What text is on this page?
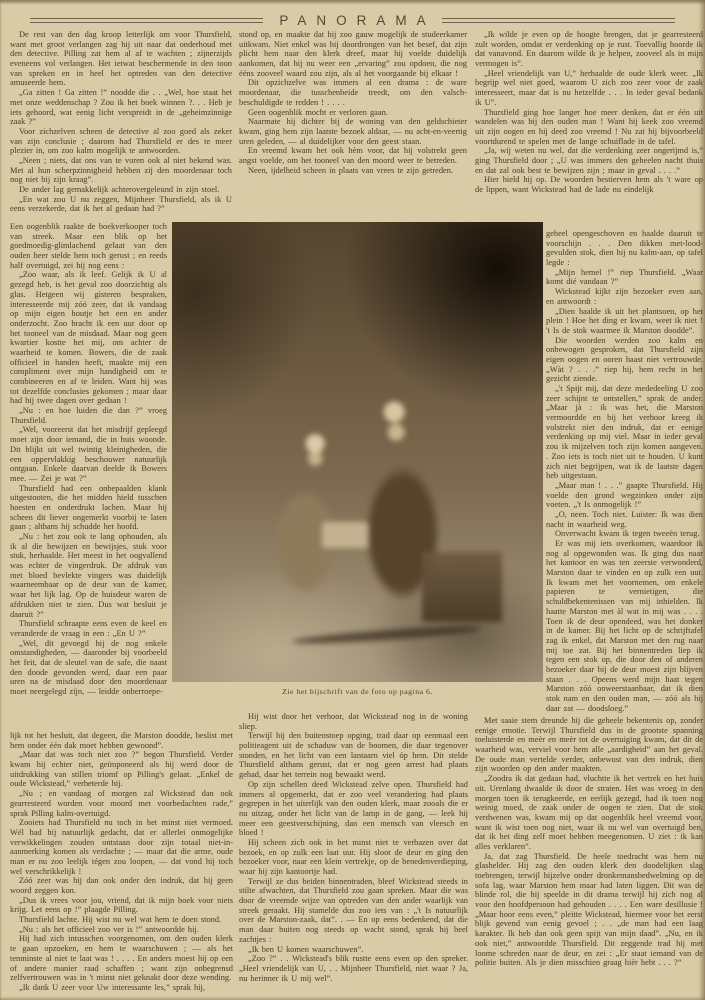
PANORAMA

De rest van den dag kroop letterlijk om voor Thursfield, want met groot verlangen zag hij uit naar dat onderhoud met den detective. Pilling zat hem al af te wachten ; zijnerzijds eveneens vol verlangen. Het ietwat beschermende in den toon van spreken en in heel het optreden van den detective amuseerde hem.

„Ga zitten ! Ga zitten !” noodde die . . „Wel, hoe staat het met onze weddenschap ? Zou ik het boek winnen ?. . . Heb je iets gehoord, wat eenig licht verspreidt in de „geheimzinnige zaak ?”

Voor zichzelven scheen de detective al zoo goed als zeker van zijn conclusie ; daarom had Thursfield er des te meer plezier in, om zoo kalm mogelijk te antwoorden.

„Neen ; niets, dat ons van te voren ook al niet bekend was. Met al hun scherpzinnigheid hebben zij den moordenaar toch nog niet bij zijn kraag”.

De ander lag gemakkelijk achterovergeleund in zijn stoel.

„En wat zou U nu zeggen, Mijnheer Thursfield, als ik U eens verzekerde, dat ik het al gedaan had ?”

Een oogenblik raakte de boekverkooper toch van streek. Maar een blik op het goedmoedig-glimlachend gelaat van den ouden heer stelde hem toch gerust ; en reeds half overtuigd, zei hij nog eens :

„Zoo waar, als ik leef. Gelijk ik U al gezegd heb, is het geval zoo doorzichtig als glas. Hetgeen wij gisteren bespraken, interesseerde mij zóó zeer, dat ik vandaag op mijn eigen houtje het een en ander onderzocht. Zoo bracht ik een uur door op het tooneel van de misdaad. Maar nog geen kwartier kostte het mij, om achter de waarheid te komen. Bowers, die de zaak officieel in handen heeft, maakte mij een compliment over mijn handigheid om te combineeren en af te leiden. Want hij was tot dezelfde conclusies gekomen ; maar daar had hij twee dagen over gedaan !

„Nu : en hoe luiden die dan ?” vroeg Thursfield.

„Wel, vooreerst dat het misdrijf gepleegd moet zijn door iemand, die in huis woonde. Dit blijkt uit wel twintig kleinigheden, die een oppervlakkig beschouwer natuurlijk ontgaan. Enkele daarvan deelde ik Bowers mee. — Zei je wat ?”

Thursfield had een onbepaalden klank uitgestooten, die het midden hield tusschen hoesten en onderdrukt lachen. Maar hij scheen dit liever ongemerkt voorbij te laten gaan ; althans hij schudde het hoofd.

„Nu : het zou ook te lang ophouden, als ik al die bewijzen en bewijsjes, stuk voor stuk, herhaalde. Het meest in het oogvallend was echter de vingerdruk. De afdruk van met bloed bevlekte vingers was duidelijk waarneembaar op de deur van de kamer, waar het lijk lag. Op de huisdeur waren de afdrukken niet te zien. Dus wat besluit je daaruit ?”

Thursfield schraapte eens even de keel en veranderde de vraag in een : „En U ?”

„Wel, dit gevoegd bij de nog enkele omstandigheden, — daaronder bij voorbeeld het feit, dat de sleutel van de safe, die naast den doode gevonden werd, daar een paar uren na de misdaad door den moordenaar moet neergelegd zijn, — leidde onherroepe-

lijk tot het besluit, dat degeen, die Marston doodde, beslist met hem onder één dak moet hebben gewoond”.

„Maar dat was toch niet zoo ?” begon Thursfield. Verder kwam hij echter niet, geïmponeerd als hij werd door de uitdrukking van stillen triomf op Pilling's gelaat. „Enkel de oude Wickstead,” verbeterde hij.

„Nu ; en vandaag of morgen zal Wickstead dan ook gearresteerd worden voor moord met voorbedachten rade,” sprak Pilling kalm-overtuigd.

Zooiets had Thursfield nu toch in het minst niet vermoed. Wél had hij natuurlijk gedacht, dat er allerlei onmogelijke verwikkelingen zouden ontstaan door zijn totaal niet-in-aanmerking komen als verdachte ; — maar dat die arme, oude man er nu zoo leelijk tégen zou loopen, — dat vond hij toch wel verschrikkelijk !

Zóó zeer was hij dan ook onder den indruk, dat hij geen woord zeggen kon.

„Dus ik vrees voor jou, vriend, dat ik mijn boek voor niets krijg. Let eens op !” plaagde Pilling.

Thursfield lachte. Hij wist nu wel wat hem te doen stond.

„Nu : als het officieel zoo ver is !” antwoordde hij.

Hij had zich intusschen voorgenomen, om den ouden klerk te gaan opzoeken, en hem te waarschuwen ; — als het tenminste al niet te laat was ! . . . . En anders moest hij op een of andere manier raad schaffen ; want zijn onbegrensd zelfvertrouwen was in 't minst niet geknakt door deze wending.

„Ik dank U zeer voor Uw interessante les,” sprak hij,

stond op, en maakte dat hij zoo gauw mogelijk de studeerkamer uitkwam. Niet enkel was hij doordrongen van het besef, dat zijn plicht hem naar den klerk dreef, maar hij voelde duidelijk aankomen, dat hij nu weer een „ervaring” zou opdoen, die nog ééns zooveel waard zou zijn, als al het voorgaande bij elkaar !

Dit opzichzelve was immers al een drama : de ware moordenaar, die tusschenbeide treedt, om den valsch-beschuldigde te redden ! . . . .

Geen oogenblik mocht er verloren gaan.

Naarmate hij dichter bij de woning van den geldschieter kwam, ging hem zijn laatste bezoek aldaar, — nu acht-en-veertig uren geleden, — al duidelijker voor den geest staan.

En vreemd kwam het ook hèm voor, dat hij volstrekt geen angst voelde, om het tooneel van den moord weer te betreden.

Neen, ijdelheid scheen in plaats van vrees te zijn getreden.

Hij wist door het verhoor, dat Wickstead nog in de woning sliep.

Terwijl hij den buitenstoep opging, trad daar op eenmaal een politieagent uit de schaduw van de boomen, die daar tegenover stonden, en het licht van een lantaarn viel óp hem. Dit stelde Thursfield althans gerust, dat er nog geen arrest had plaats gehad, daar het terrein nog bewaakt werd.

Op zijn schellen deed Wickstead zelve open. Thursfield had immers al opgemerkt, dat er zoo veel verandering had plaats gegrepen in het uiterlijk van den ouden klerk, maar zooals die er nu uitzag, onder het licht van de lamp in de gang, — leek hij meer een geestverschijning, dan een mensch van vleesch en bloed !

Hij scheen zich ook in het minst niet te verbazen over dat bezoek, en op zulk een laat uur. Hij sloot de deur en ging den bezoeker voor, naar een klein vertrekje, op de benedenverdieping, waar hij zijn kantoortje had.

Terwijl ze dus beiden binnentraden, bleef Wickstead steeds in stilte afwachten, dat Thursfield zou gaan spreken. Maar die was door de vreemde wijze van optreden van den ander waarlijk van streek geraakt. Hij stamelde dus zoo iets van : „'t Is natuurlijk over de Marston-zaak, dat”. . — En op eens bedenkend, dat die man daar buiten nog steeds op wacht stond, sprak hij heel zachtjes :

„Ik ben U komen waarschuwen”.

„Zoo ?” . . Wickstead's blik rustte eens even op den spreker. „Heel vriendelijk van U, . . Mijnheer Thursfield, niet waar ? Ja, nu herinner ik U mij wel”.

„Ik wilde je even op de hoogte brengen, dat je gearresteerd zult worden, omdat er verdenking op je rust. Toevallig hoorde ik dat vanavond. En daarom wilde ik je helpen, zooveel als in mijn vermogen is”.

„Heel vriendelijk van U,” herhaalde de oude klerk weer. „Ik begrijp wel niet goed, waarom U zich zoo zeer voor de zaak interesseert, maar dat is nu hetzelfde . . . In ieder geval bedank ik U”.

Thursfield ging hoe langer hoe meer denken, dat er één uit wandelen was bij den ouden man ! Want hij keek zoo vreemd uit zijn oogen en hij deed zoo vreemd ! Nu zat hij bijvoorbeeld voortdurend te spelen met de lange schuiflade in de tafel.

„Ja, wij weten nu wel, dat die verdenking zeer ongerijmd is,” ging Thursfield door ; „U was immers den geheelen nacht thuis en dat zal ook best te bewijzen zijn ; maar in geval . . . .”

Hier hield hij op. De woorden bestierven hem als 't ware op de lippen, want Wickstead had de lade nu eindelijk

geheel opengeschoven en haalde daaruit te voorschijn . . . Den dikken met-lood-gevulden stok, dien hij nu kalm-aan, op tafel legde :

„Mijn hemel !” riep Thursfield. „Waar komt dié vandaan ?”

Wickstead kijkt zijn bezoeker even aan, en antwoordt :

„Dien haalde ik uit het plantsoen, op het plein ! Hoe het ding er kwam, weet ik niet ! 't Is de stok waarmee ik Marston doodde”.

Die woorden werden zoo kalm en onbewogen gesproken, dat Thursfield zijn eigen oogen en ooren haast niet vertrouwde. „Wàt ? . . .” riep hij, hem recht in het gezicht ziende.

„'t Spijt mij, dat deze mededeeling U zoo zeer schijnt te ontstellen,” sprak de ander. „Maar jà : ik was het, die Marston vermoordde en bij het verhoor kreeg ik volstrekt niet den indruk, dat er eenige verdenking op mij viel. Maar in ieder geval zou ik mijzelven toch zijn komen aangeven. . Zoo iets is toch niet uit te houden. U kunt zich niet begrijpen, wat ik de laatste dagen heb uitgestaan.

„Maar man ! . . .” gaapte Thursfield. Hij voelde den grond wegzinken onder zijn voeten. „'t Is onmogelijk !”

„O, neen. Toch niet. Luister: Ik was dien nacht in waarheid weg.

Onverwacht kwam ik tegen tweeën terug.

Er was mij iets overkomen, waardoor ik nog al opgewonden was. Ik ging dus naar het kantoor en was ten zeerste verwonderd, Marston daar te vinden en op zulk een uur. Ik kwam met het voornemen, om enkele papieren te vernietigen, die schuldbekentenissen van mij inhielden. Ik haatte Marston met àl wat in mij was . . . . Toen ik de deur opendeed, was het donker in de kamer. Bij het licht op de schrijftafel zag ik enkel, dat Marston met den rug naar mij toe zat. Bij het binnentreden liep ik tegen een stok op, die door den of anderen bezoeker daar bij de deur moest zijn blijven staan . . . Opeens werd mijn haat tegen Marston zóó onweerstaanbaar, dat ik dien stok nam en den ouden man, — zóó als hij daar zat — doodsloeg.”

Met saaie stem dreunde hij die geheele bekentenis op, zonder eenige emotie. Terwijl Thursfield dus in de grootste spanning toeluisterde en meèr en meèr tot de overtuiging kwam, dat dit de waarheid was, verviel voor hem alle „aardigheid” aan het geval. De oude man vertelde verder, onbewust van den indruk, dien zijn woorden op den ander maakten.

„Zoodra ik dat gedaan had, vluchtte ik het vertrek en het huis uit. Urenlang dwaalde ik door de straten. Het was vroeg in den morgen toen ik terugkeerde, en eerlijk gezegd, had ik toen nog weinig moed, de zaak onder de oogen te zien. Dat de stok verdwenen was, kwam mij op dat oogenblik heel vreemd voor, want ik wist toen nog niet, waar ik nu wel van overtuigd ben, dat ik het ding zelf moet hebben meegenomen. U ziet : ik kan alles verklaren”.

Ja, dat zag Thursfield. De heele toedracht was hem nu glashelder. Hij zag den ouden klerk den doodelijken slag toebrengen, terwijl hijzelve onder dronkemansbedwelming op de sofa lag, waar Marston hem maar had laten liggen. Dit was de blinde rol, die hij speelde in dit drama terwijl hij zich nog al voor den hoofdpersoon had gehouden . . . . Een ware desillusie ! „Maar hoor eens even,” pleitte Wickstead, hiermee voor het eerst blijk gevend van eenig gevoel ; . . „de man had een laag karakter. Ik heb dan ook geen spijt van mijn daad”. „Nu, en ik ook niet,” antwoordde Thursfield. Dit zeggende trad hij met loome schreden naar de deur, en zei : „Er staat iemand van de politie buiten. Als je dien misschien graag hièr hebt . . . ?”

Zie het bijschrift van de foto op pagina 6.
